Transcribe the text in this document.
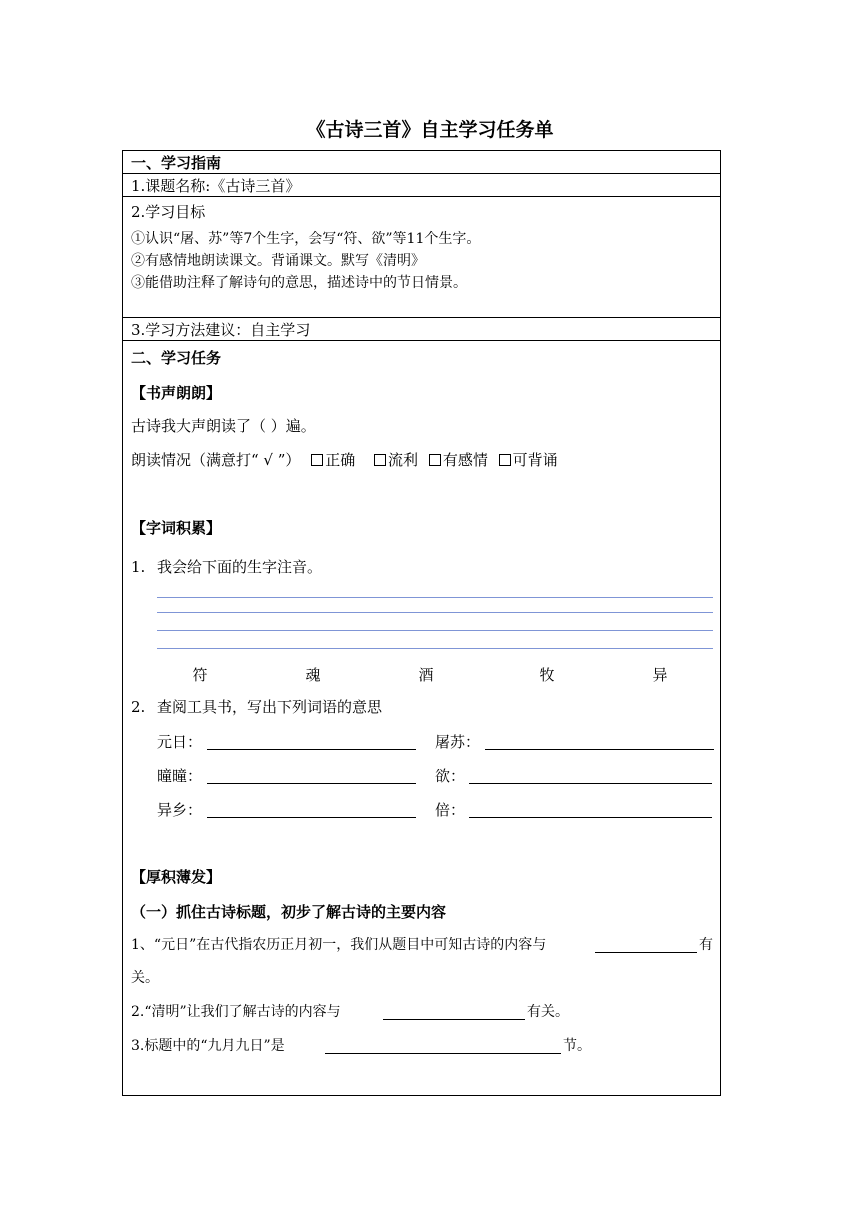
《古诗三首》自主学习任务单
一、学习指南
1.课题名称:《古诗三首》
2.学习目标
①认识“屠、苏”等7个生字，会写“符、欲”等11个生字。
②有感情地朗读课文。背诵课文。默写《清明》
③能借助注释了解诗句的意思，描述诗中的节日情景。
3.学习方法建议：自主学习
二、学习任务
【书声朗朗】
古诗我大声朗读了（ ）遍。
朗读情况（满意打“ √ ”） 正确 流利 有感情 可背诵
【字词积累】
1. 我会给下面的生字注音。
符	魂	酒	牧	异
2. 查阅工具书，写出下列词语的意思
元日：	屠苏：
曈曈：	欲：
异乡：	倍：
【厚积薄发】
（一）抓住古诗标题，初步了解古诗的主要内容
1、“元日”在古代指农历正月初一，我们从题目中可知古诗的内容与	有
关。
2.“清明”让我们了解古诗的内容与	有关。
3.标题中的“九月九日”是	节。
